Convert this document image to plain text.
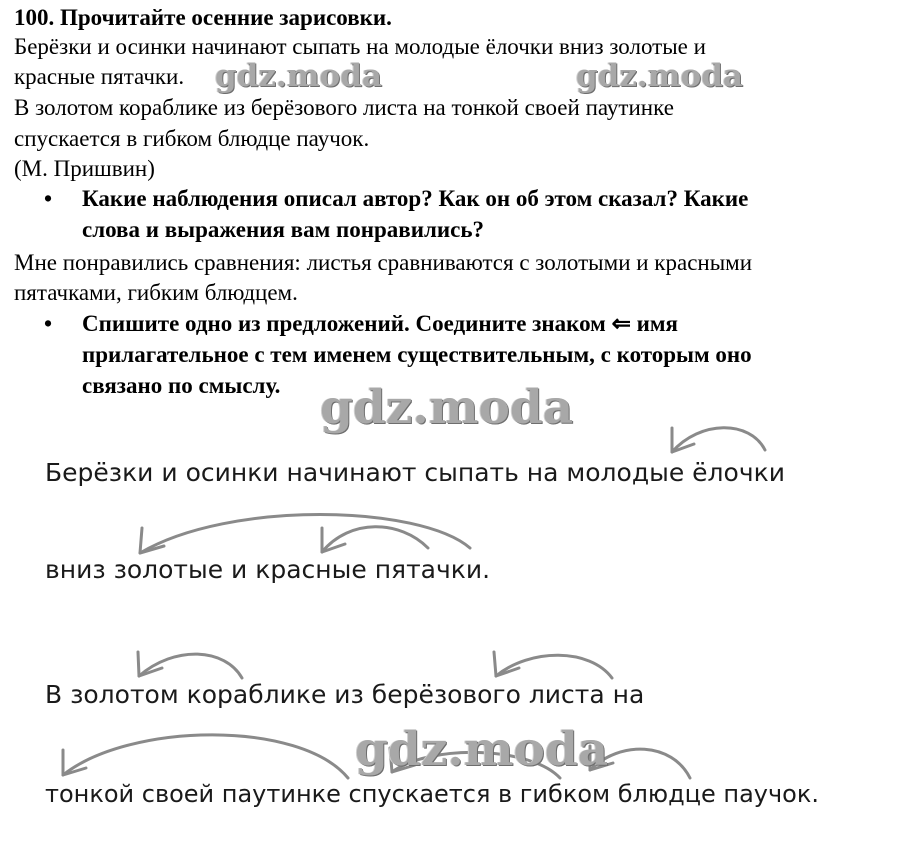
100. Прочитайте осенние зарисовки.
Берёзки и осинки начинают сыпать на молодые ёлочки вниз золотые и
красные пятачки.
В золотом кораблике из берёзового листа на тонкой своей паутинке
спускается в гибком блюдце паучок.
(М. Пришвин)
• Какие наблюдения описал автор? Как он об этом сказал? Какие
слова и выражения вам понравились?
Мне понравились сравнения: листья сравниваются с золотыми и красными
пятачками, гибким блюдцем.
• Спишите одно из предложений. Соедините знаком ⇐ имя
прилагательное с тем именем существительным, с которым оно
связано по смыслу.
Берёзки и осинки начинают сыпать на молодые ёлочки
вниз золотые и красные пятачки.
В золотом кораблике из берёзового листа на
тонкой своей паутинке спускается в гибком блюдце паучок.
gdz.moda	gdz.moda
gdz.moda
gdz.moda
